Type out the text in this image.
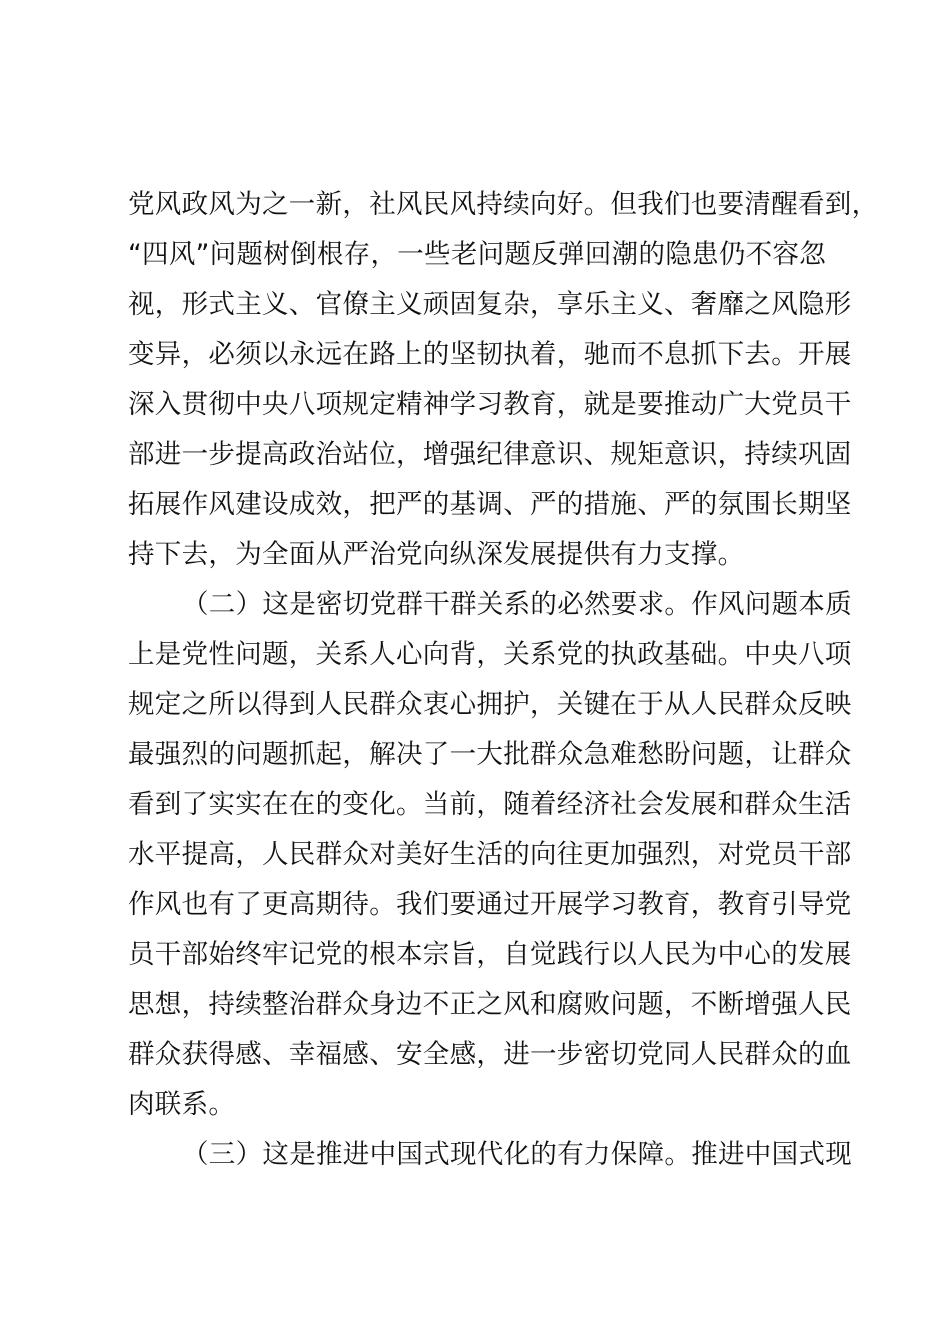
党风政风为之一新，社风民风持续向好。但我们也要清醒看到，
“四风”问题树倒根存，一些老问题反弹回潮的隐患仍不容忽
视，形式主义、官僚主义顽固复杂，享乐主义、奢靡之风隐形
变异，必须以永远在路上的坚韧执着，驰而不息抓下去。开展
深入贯彻中央八项规定精神学习教育，就是要推动广大党员干
部进一步提高政治站位，增强纪律意识、规矩意识，持续巩固
拓展作风建设成效，把严的基调、严的措施、严的氛围长期坚
持下去，为全面从严治党向纵深发展提供有力支撑。
（二）这是密切党群干群关系的必然要求。作风问题本质
上是党性问题，关系人心向背，关系党的执政基础。中央八项
规定之所以得到人民群众衷心拥护，关键在于从人民群众反映
最强烈的问题抓起，解决了一大批群众急难愁盼问题，让群众
看到了实实在在的变化。当前，随着经济社会发展和群众生活
水平提高，人民群众对美好生活的向往更加强烈，对党员干部
作风也有了更高期待。我们要通过开展学习教育，教育引导党
员干部始终牢记党的根本宗旨，自觉践行以人民为中心的发展
思想，持续整治群众身边不正之风和腐败问题，不断增强人民
群众获得感、幸福感、安全感，进一步密切党同人民群众的血
肉联系。
（三）这是推进中国式现代化的有力保障。推进中国式现
